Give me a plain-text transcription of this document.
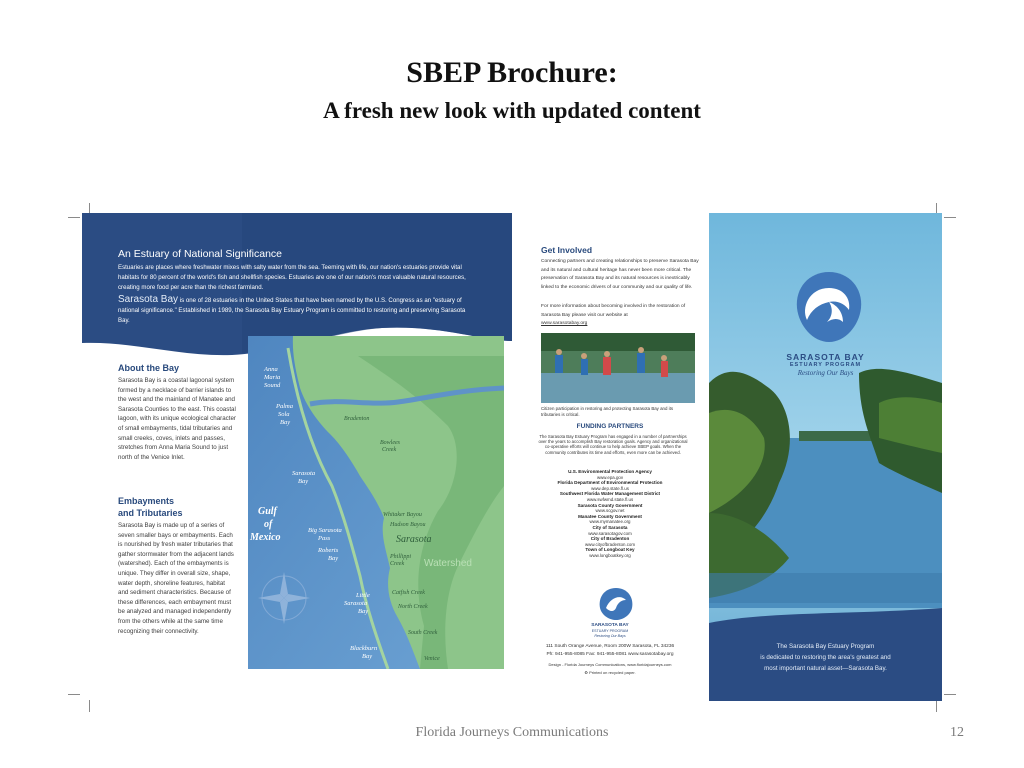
SBEP Brochure:
A fresh new look with updated content
An Estuary of National Significance
Estuaries are places where freshwater mixes with salty water from the sea. Teeming with life, our nation's estuaries provide vital habitats for 80 percent of the world's fish and shellfish species. Estuaries are one of our nation's most valuable natural resources, creating more food per acre than the richest farmland.
Sarasota Bay is one of 28 estuaries in the United States that have been named by the U.S. Congress as an "estuary of national significance." Established in 1989, the Sarasota Bay Estuary Program is committed to restoring and preserving Sarasota Bay.
About the Bay
Sarasota Bay is a coastal lagoonal system formed by a necklace of barrier islands to the west and the mainland of Manatee and Sarasota Counties to the east. This coastal lagoon, with its unique ecological character of small embayments, tidal tributaries and small creeks, coves, inlets and passes, stretches from Anna Maria Sound to just north of the Venice Inlet.
Embayments
and Tributaries
Sarasota Bay is made up of a series of seven smaller bays or embayments. Each is nourished by fresh water tributaries that gather stormwater from the adjacent lands (watershed). Each of the embayments is unique. They differ in overall size, shape, water depth, shoreline features, habitat and sediment characteristics. Because of these differences, each embayment must be analyzed and managed independently from the others while at the same time recognizing their connectivity.
Anna
Maria
Sound
Palma
Sola
Bay
Sarasota
Bay
Big Sarasota
Pass
Roberts
Bay
Little
Sarasota
Bay
Blackburn
Bay
Gulf
of
Mexico
Bradenton
Bowlees
Creek
Whitaker Bayou
Hudson Bayou
Phillippi
Creek
Catfish Creek
North Creek
South Creek
Venice
Sarasota
Watershed
Get Involved
Connecting partners and creating relationships to preserve Sarasota Bay and its natural and cultural heritage has never been more critical. The preservation of Sarasota Bay and its natural resources is inextricably linked to the economic drivers of our community and our quality of life.
For more information about becoming involved in the restoration of Sarasota Bay please visit our website at
www.sarasotabay.org
Citizen participation in restoring and protecting Sarasota Bay and its tributaries is critical.
FUNDING PARTNERS
The Sarasota Bay Estuary Program has engaged in a number of partnerships over the years to accomplish Bay restoration goals. Agency and organizational co-operative efforts will continue to help achieve SBEP goals. When the community contributes its time and efforts, even more can be achieved.
U.S. Environmental Protection Agency
www.epa.gov
Florida Department of Environmental Protection
www.dep.state.fl.us
Southwest Florida Water Management District
www.swfwmd.state.fl.us
Sarasota County Government
www.scgov.net
Manatee County Government
www.mymanatee.org
City of Sarasota
www.sarasotagov.com
City of Bradenton
www.cityofbradenton.com
Town of Longboat Key
www.longboatkey.org
SARASOTA BAY
ESTUARY PROGRAM
Restoring Our Bays
111 South Orange Avenue, Room 200W Sarasota, FL 34236
Ph: 941-955-8085 Fax: 941-955-8081 www.sarasotabay.org
Design - Florida Journeys Communications, www.floridajourneys.com
♻ Printed on recycled paper.
SARASOTA BAY
ESTUARY PROGRAM
Restoring Our Bays
The Sarasota Bay Estuary Program
is dedicated to restoring the area's greatest and
most important natural asset—Sarasota Bay.
Florida Journeys Communications	12
